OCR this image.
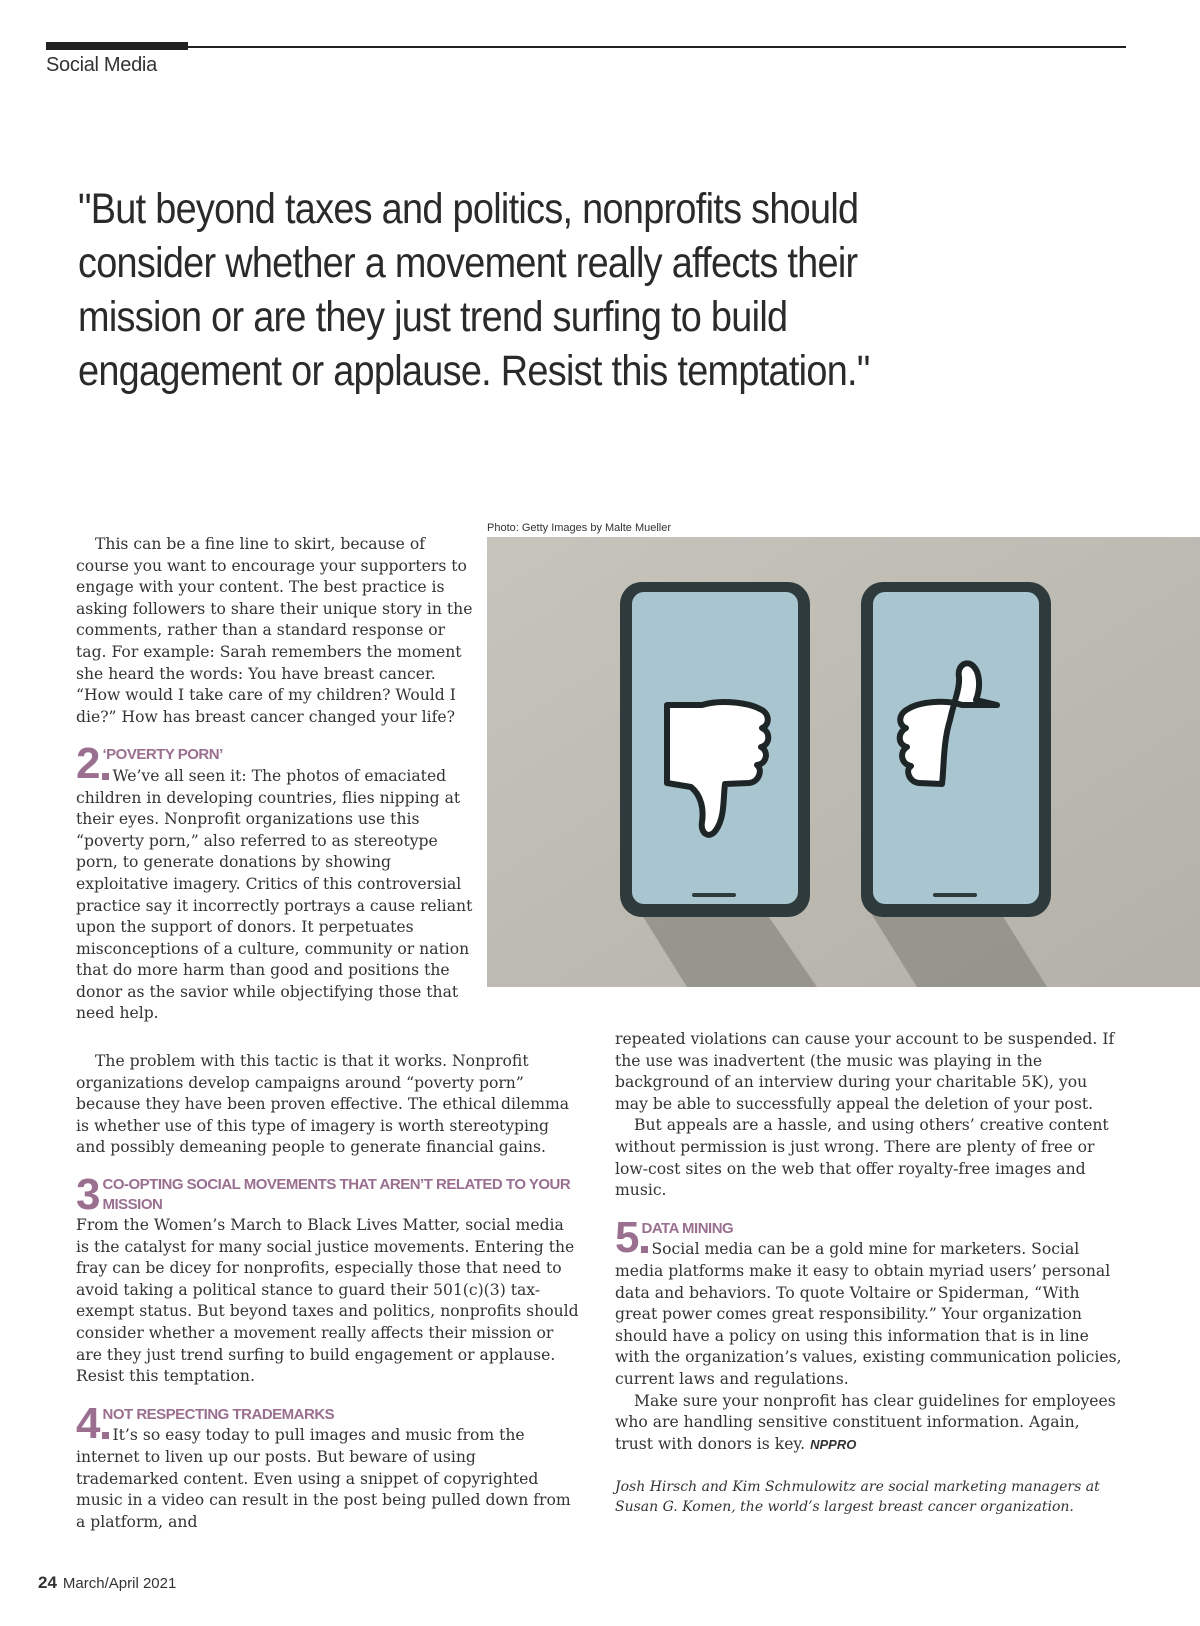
Social Media
"But beyond taxes and politics, nonprofits should consider whether a movement really affects their mission or are they just trend surfing to build engagement or applause. Resist this temptation."

This can be a fine line to skirt, because of course you want to encourage your supporters to engage with your content. The best practice is asking followers to share their unique story in the comments, rather than a standard response or tag. For example: Sarah remembers the moment she heard the words: You have breast cancer. “How would I take care of my children? Would I die?” How has breast cancer changed your life?

2 ‘POVERTY PORN’

We’ve all seen it: The photos of emaciated children in developing countries, flies nipping at their eyes. Nonprofit organizations use this “poverty porn,” also referred to as stereotype porn, to generate donations by showing exploitative imagery. Critics of this controversial practice say it incorrectly portrays a cause reliant upon the support of donors. It perpetuates misconceptions of a culture, community or nation that do more harm than good and positions the donor as the savior while objectifying those that need help.

The problem with this tactic is that it works. Nonprofit organizations develop campaigns around “poverty porn” because they have been proven effective. The ethical dilemma is whether use of this type of imagery is worth stereotyping and possibly demeaning people to generate financial gains.

3 CO-OPTING SOCIAL MOVEMENTS THAT AREN’T RELATED TO YOUR MISSION

From the Women’s March to Black Lives Matter, social media is the catalyst for many social justice movements. Entering the fray can be dicey for nonprofits, especially those that need to avoid taking a political stance to guard their 501(c)(3) tax-exempt status. But beyond taxes and politics, nonprofits should consider whether a movement really affects their mission or are they just trend surfing to build engagement or applause. Resist this temptation.

4 NOT RESPECTING TRADEMARKS

It’s so easy today to pull images and music from the internet to liven up our posts. But beware of using trademarked content. Even using a snippet of copyrighted music in a video can result in the post being pulled down from a platform, and

Photo: Getty Images by Malte Mueller

repeated violations can cause your account to be suspended. If the use was inadvertent (the music was playing in the background of an interview during your charitable 5K), you may be able to successfully appeal the deletion of your post.

But appeals are a hassle, and using others’ creative content without permission is just wrong. There are plenty of free or low-cost sites on the web that offer royalty-free images and music.

5 DATA MINING

Social media can be a gold mine for marketers. Social media platforms make it easy to obtain myriad users’ personal data and behaviors. To quote Voltaire or Spiderman, “With great power comes great responsibility.” Your organization should have a policy on using this information that is in line with the organization’s values, existing communication policies, current laws and regulations.

Make sure your nonprofit has clear guidelines for employees who are handling sensitive constituent information. Again, trust with donors is key. NPPRO

Josh Hirsch and Kim Schmulowitz are social marketing managers at Susan G. Komen, the world’s largest breast cancer organization.

24 March/April 2021
